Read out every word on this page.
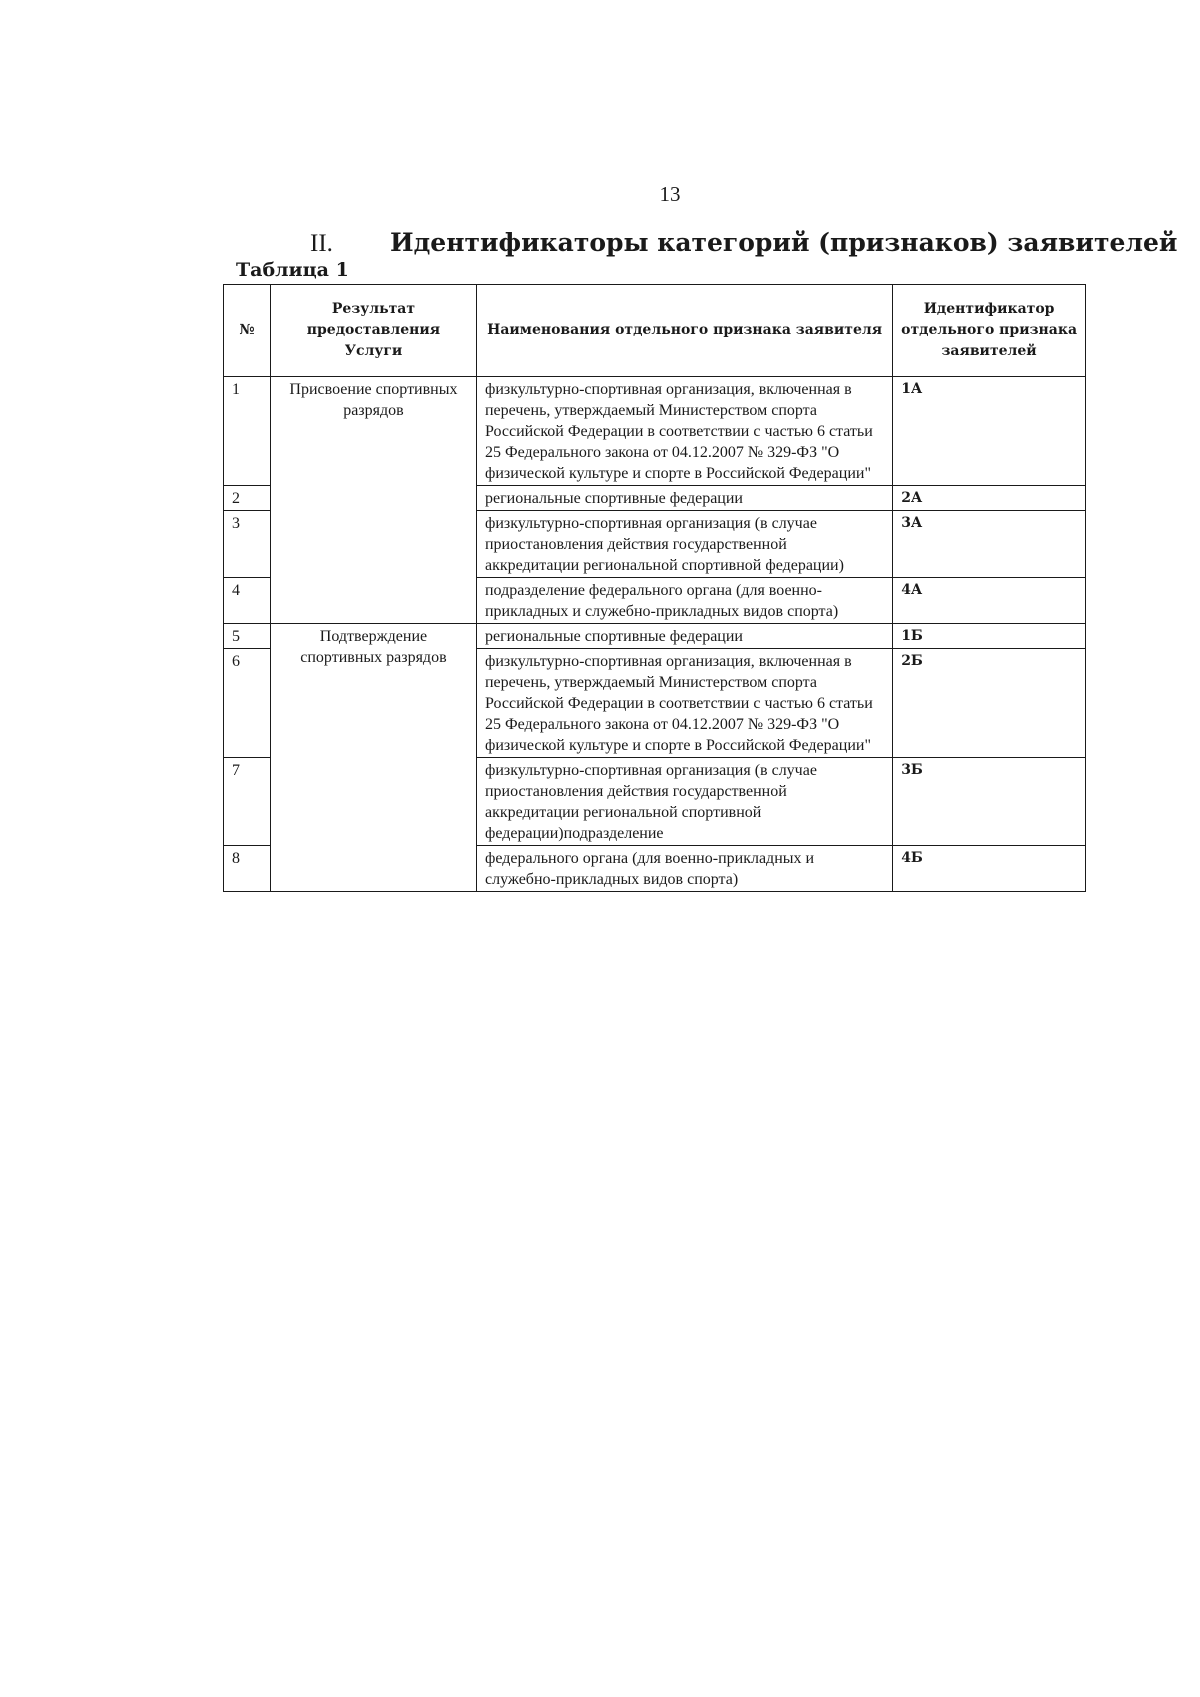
13
II. Идентификаторы категорий (признаков) заявителей
Таблица 1
№	Результат предоставления Услуги	Наименования отдельного признака заявителя	Идентификатор отдельного признака заявителей
1	Присвоение спортивных разрядов	физкультурно-спортивная организация, включенная в перечень, утверждаемый Министерством спорта Российской Федерации в соответствии с частью 6 статьи 25 Федерального закона от 04.12.2007 № 329-ФЗ "О физической культуре и спорте в Российской Федерации"	1А
2		региональные спортивные федерации	2А
3		физкультурно-спортивная организация (в случае приостановления действия государственной аккредитации региональной спортивной федерации)	3А
4		подразделение федерального органа (для военно-прикладных и служебно-прикладных видов спорта)	4А
5	Подтверждение спортивных разрядов	региональные спортивные федерации	1Б
6		физкультурно-спортивная организация, включенная в перечень, утверждаемый Министерством спорта Российской Федерации в соответствии с частью 6 статьи 25 Федерального закона от 04.12.2007 № 329-ФЗ "О физической культуре и спорте в Российской Федерации"	2Б
7		физкультурно-спортивная организация (в случае приостановления действия государственной аккредитации региональной спортивной федерации)подразделение	3Б
8		федерального органа (для военно-прикладных и служебно-прикладных видов спорта)	4Б
